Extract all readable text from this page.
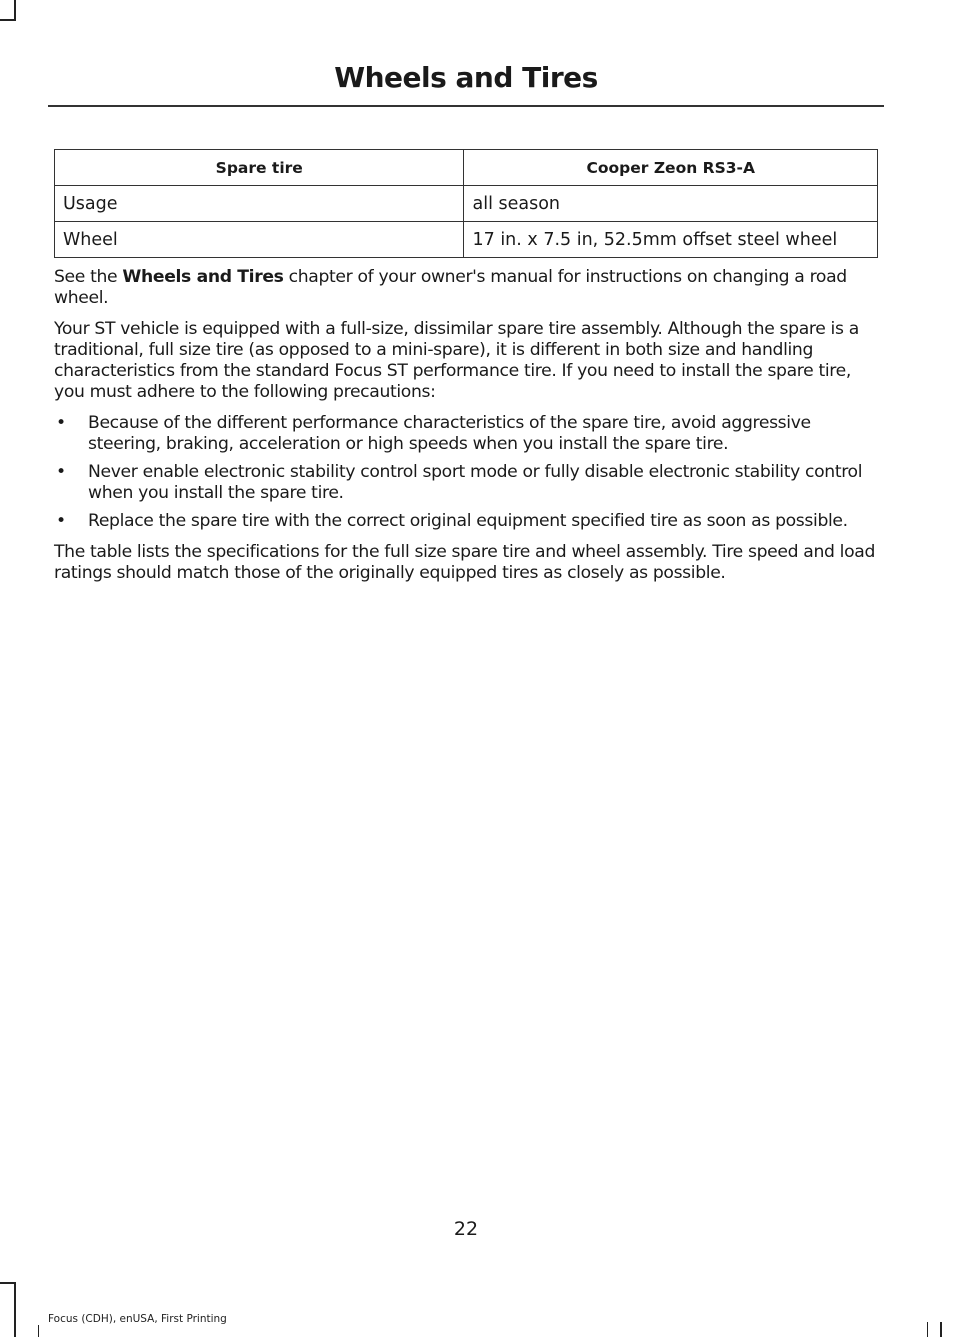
Wheels and Tires
Spare tire	Cooper Zeon RS3-A
Usage	all season
Wheel	17 in. x 7.5 in, 52.5mm offset steel wheel

See the Wheels and Tires chapter of your owner's manual for instructions on changing a road wheel.

Your ST vehicle is equipped with a full-size, dissimilar spare tire assembly. Although the spare is a traditional, full size tire (as opposed to a mini-spare), it is different in both size and handling characteristics from the standard Focus ST performance tire. If you need to install the spare tire, you must adhere to the following precautions:

• Because of the different performance characteristics of the spare tire, avoid aggressive steering, braking, acceleration or high speeds when you install the spare tire.
• Never enable electronic stability control sport mode or fully disable electronic stability control when you install the spare tire.
• Replace the spare tire with the correct original equipment specified tire as soon as possible.

The table lists the specifications for the full size spare tire and wheel assembly. Tire speed and load ratings should match those of the originally equipped tires as closely as possible.

22
Focus (CDH), enUSA, First Printing
